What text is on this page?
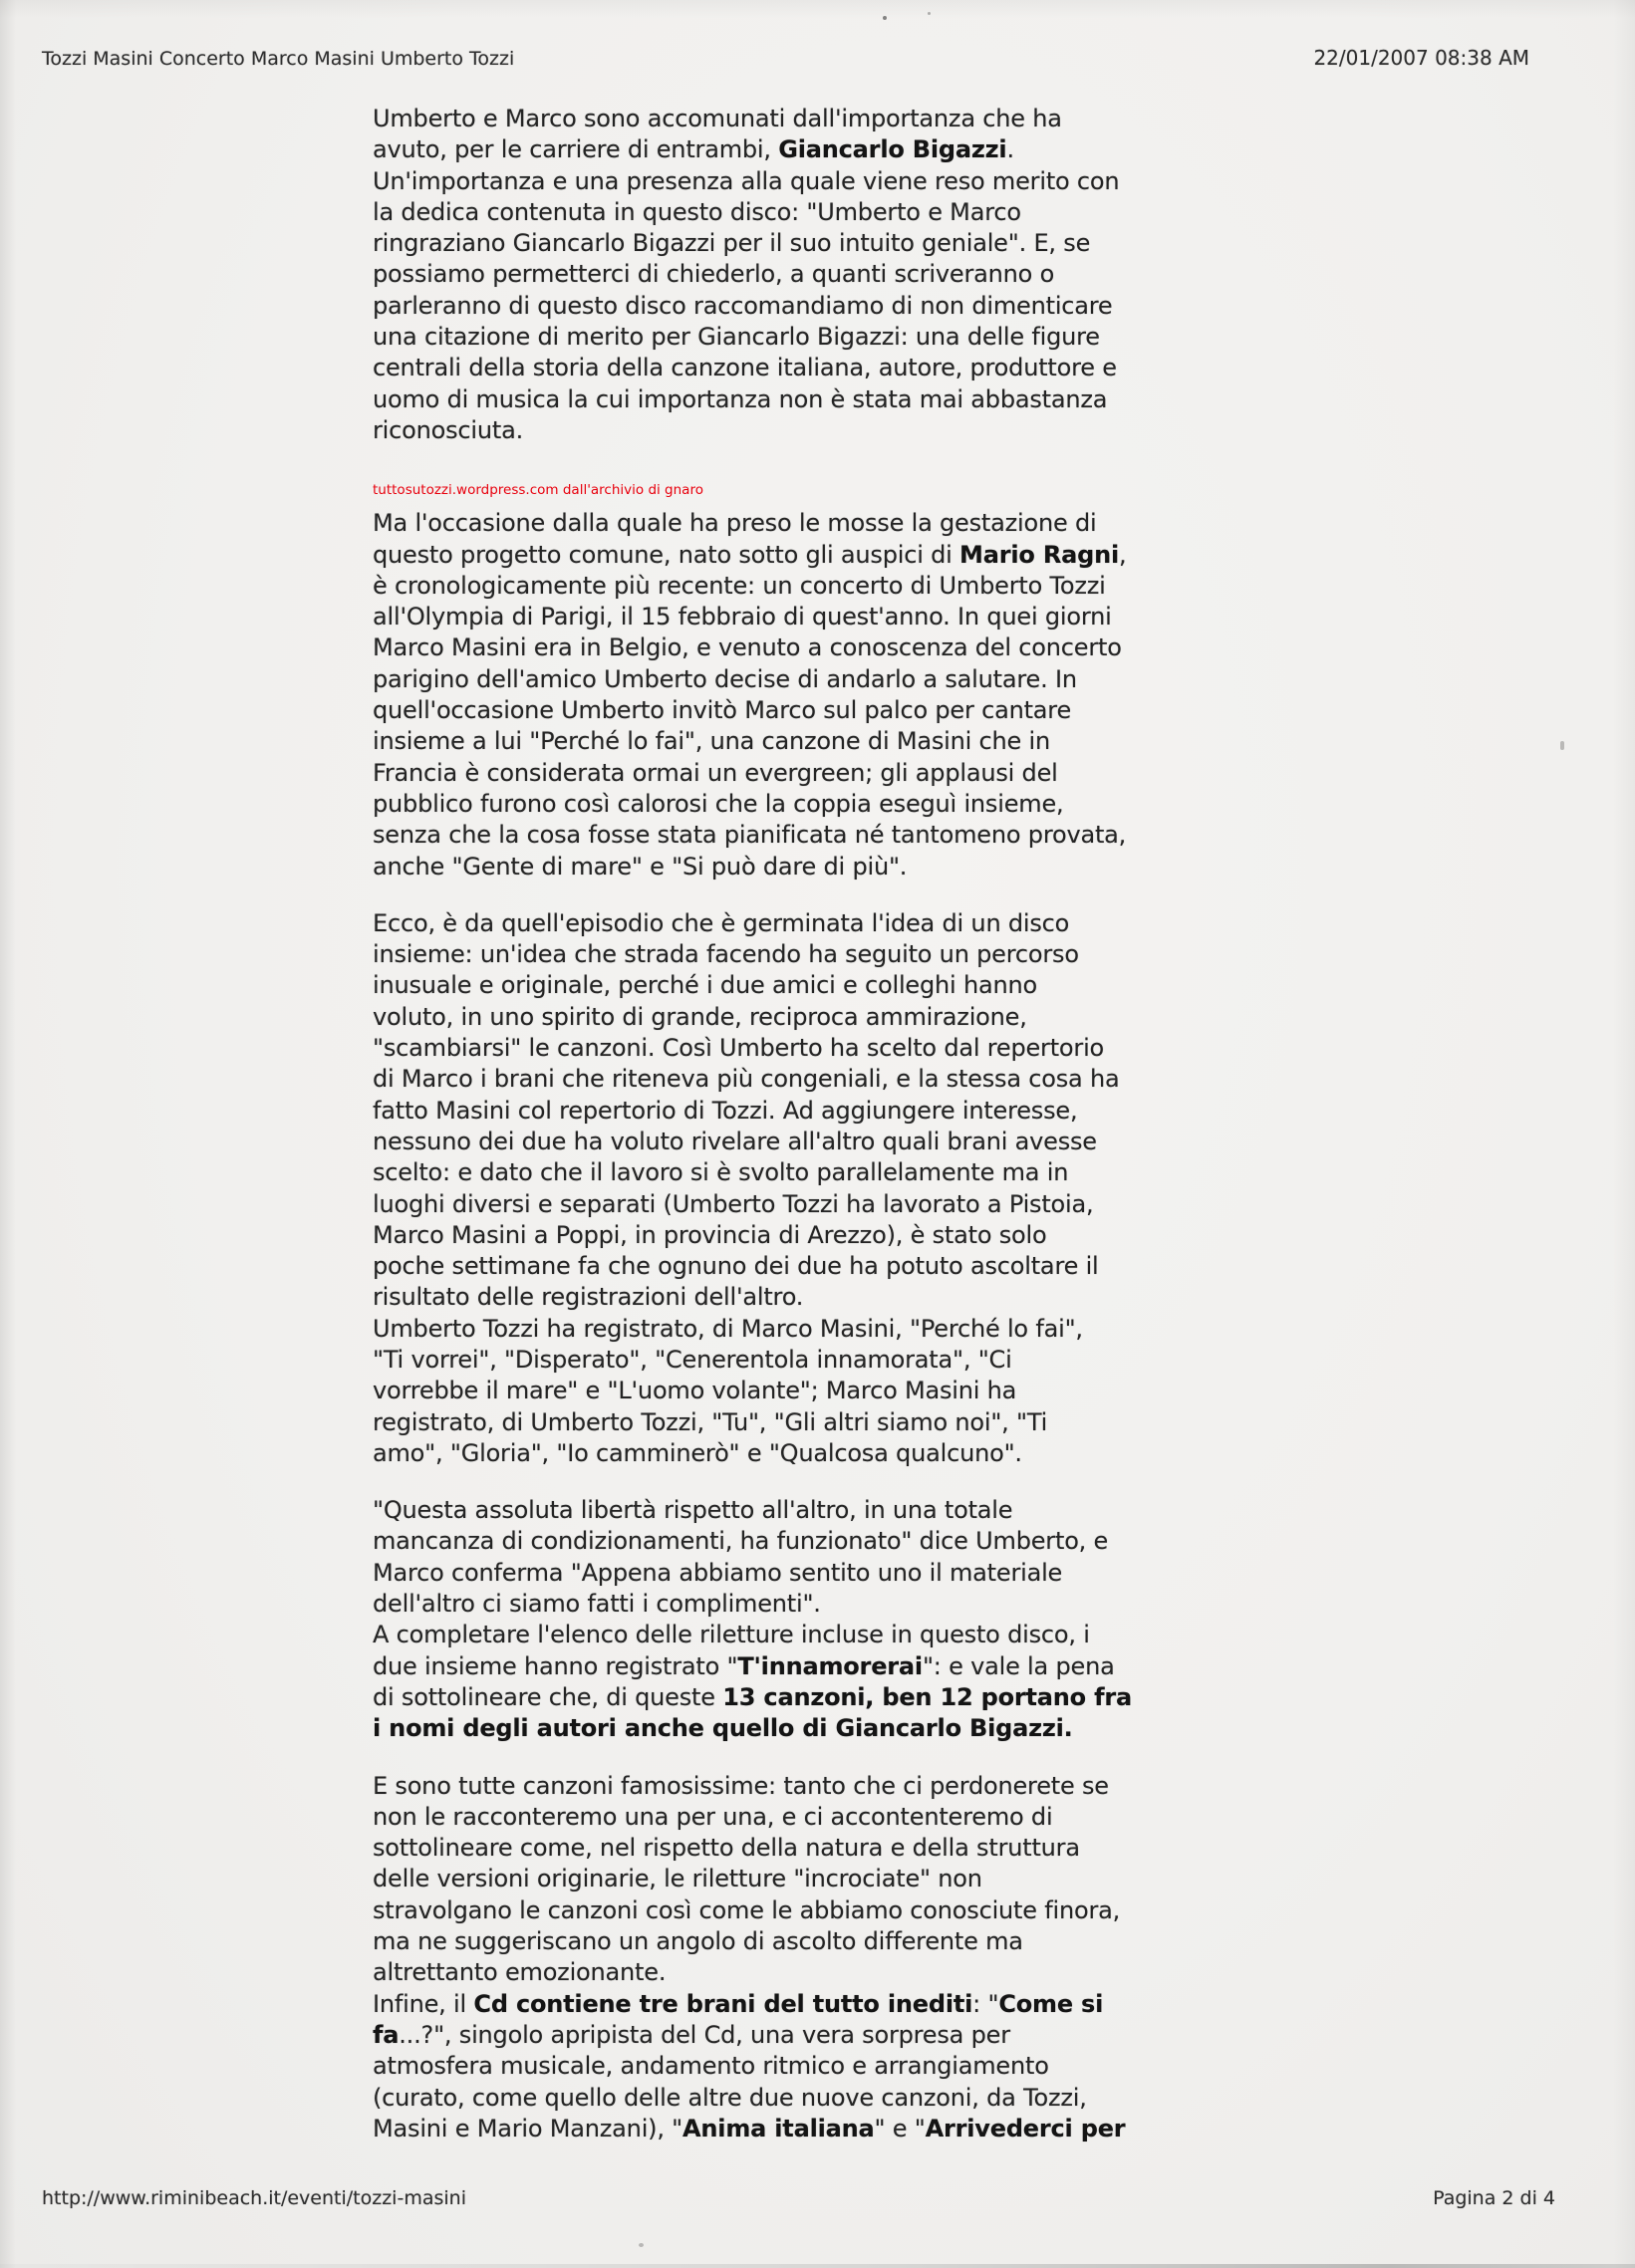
Tozzi Masini Concerto Marco Masini Umberto Tozzi	22/01/2007 08:38 AM
Umberto e Marco sono accomunati dall'importanza che ha
avuto, per le carriere di entrambi, Giancarlo Bigazzi.
Un'importanza e una presenza alla quale viene reso merito con
la dedica contenuta in questo disco: "Umberto e Marco
ringraziano Giancarlo Bigazzi per il suo intuito geniale". E, se
possiamo permetterci di chiederlo, a quanti scriveranno o
parleranno di questo disco raccomandiamo di non dimenticare
una citazione di merito per Giancarlo Bigazzi: una delle figure
centrali della storia della canzone italiana, autore, produttore e
uomo di musica la cui importanza non è stata mai abbastanza
riconosciuta.
tuttosutozzi.wordpress.com dall'archivio di gnaro
Ma l'occasione dalla quale ha preso le mosse la gestazione di
questo progetto comune, nato sotto gli auspici di Mario Ragni,
è cronologicamente più recente: un concerto di Umberto Tozzi
all'Olympia di Parigi, il 15 febbraio di quest'anno. In quei giorni
Marco Masini era in Belgio, e venuto a conoscenza del concerto
parigino dell'amico Umberto decise di andarlo a salutare. In
quell'occasione Umberto invitò Marco sul palco per cantare
insieme a lui "Perché lo fai", una canzone di Masini che in
Francia è considerata ormai un evergreen; gli applausi del
pubblico furono così calorosi che la coppia eseguì insieme,
senza che la cosa fosse stata pianificata né tantomeno provata,
anche "Gente di mare" e "Si può dare di più".
Ecco, è da quell'episodio che è germinata l'idea di un disco
insieme: un'idea che strada facendo ha seguito un percorso
inusuale e originale, perché i due amici e colleghi hanno
voluto, in uno spirito di grande, reciproca ammirazione,
"scambiarsi" le canzoni. Così Umberto ha scelto dal repertorio
di Marco i brani che riteneva più congeniali, e la stessa cosa ha
fatto Masini col repertorio di Tozzi. Ad aggiungere interesse,
nessuno dei due ha voluto rivelare all'altro quali brani avesse
scelto: e dato che il lavoro si è svolto parallelamente ma in
luoghi diversi e separati (Umberto Tozzi ha lavorato a Pistoia,
Marco Masini a Poppi, in provincia di Arezzo), è stato solo
poche settimane fa che ognuno dei due ha potuto ascoltare il
risultato delle registrazioni dell'altro.
Umberto Tozzi ha registrato, di Marco Masini, "Perché lo fai",
"Ti vorrei", "Disperato", "Cenerentola innamorata", "Ci
vorrebbe il mare" e "L'uomo volante"; Marco Masini ha
registrato, di Umberto Tozzi, "Tu", "Gli altri siamo noi", "Ti
amo", "Gloria", "Io camminerò" e "Qualcosa qualcuno".
"Questa assoluta libertà rispetto all'altro, in una totale
mancanza di condizionamenti, ha funzionato" dice Umberto, e
Marco conferma "Appena abbiamo sentito uno il materiale
dell'altro ci siamo fatti i complimenti".
A completare l'elenco delle riletture incluse in questo disco, i
due insieme hanno registrato "T'innamorerai": e vale la pena
di sottolineare che, di queste 13 canzoni, ben 12 portano fra
i nomi degli autori anche quello di Giancarlo Bigazzi.
E sono tutte canzoni famosissime: tanto che ci perdonerete se
non le racconteremo una per una, e ci accontenteremo di
sottolineare come, nel rispetto della natura e della struttura
delle versioni originarie, le riletture "incrociate" non
stravolgano le canzoni così come le abbiamo conosciute finora,
ma ne suggeriscano un angolo di ascolto differente ma
altrettanto emozionante.
Infine, il Cd contiene tre brani del tutto inediti: "Come si
fa...?", singolo apripista del Cd, una vera sorpresa per
atmosfera musicale, andamento ritmico e arrangiamento
(curato, come quello delle altre due nuove canzoni, da Tozzi,
Masini e Mario Manzani), "Anima italiana" e "Arrivederci per
http://www.riminibeach.it/eventi/tozzi-masini	Pagina 2 di 4
